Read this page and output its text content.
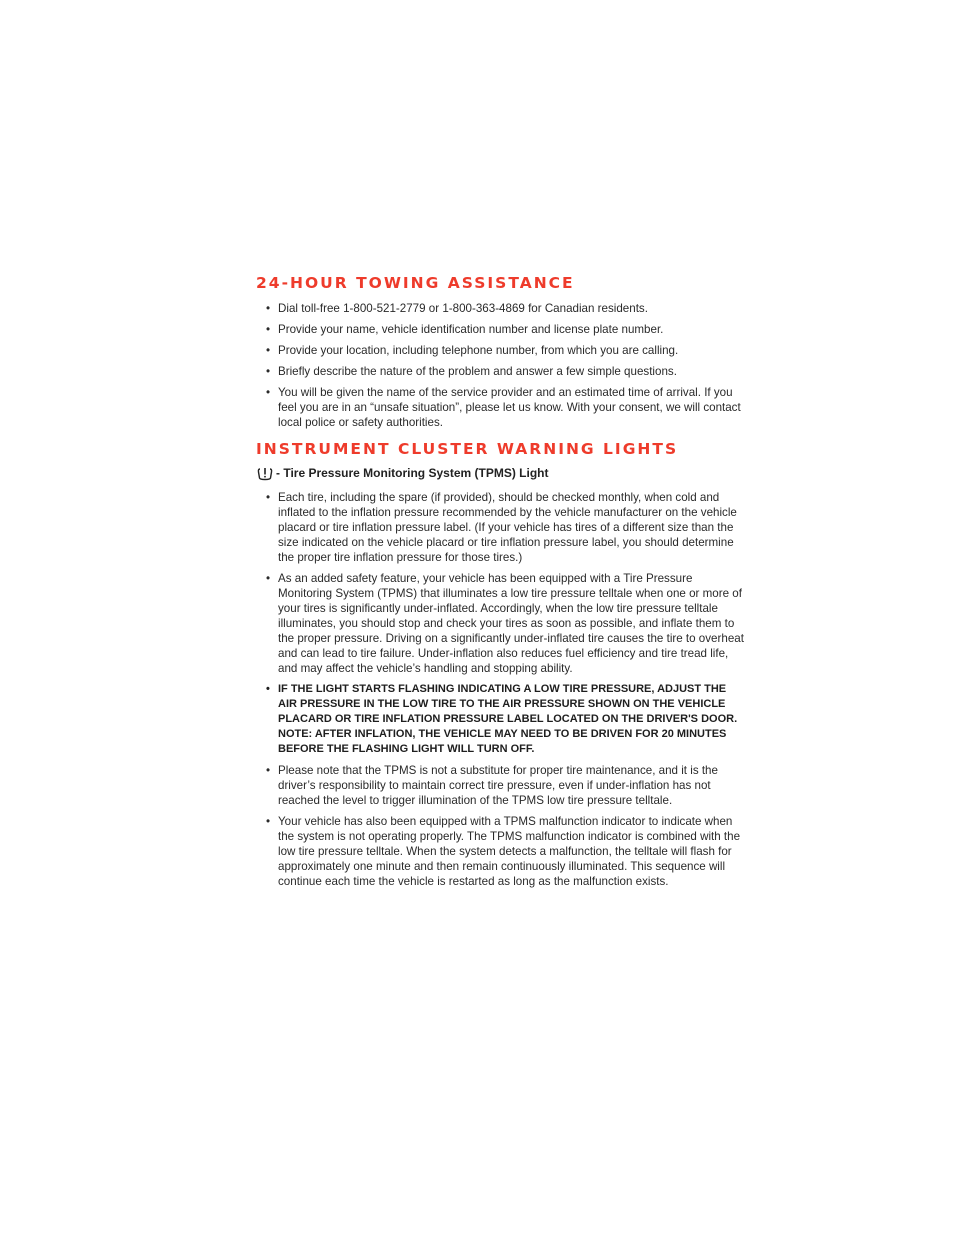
24-HOUR TOWING ASSISTANCE
• Dial toll-free 1-800-521-2779 or 1-800-363-4869 for Canadian residents.
• Provide your name, vehicle identification number and license plate number.
• Provide your location, including telephone number, from which you are calling.
• Briefly describe the nature of the problem and answer a few simple questions.
• You will be given the name of the service provider and an estimated time of arrival. If you feel you are in an “unsafe situation”, please let us know. With your consent, we will contact local police or safety authorities.
INSTRUMENT CLUSTER WARNING LIGHTS
- Tire Pressure Monitoring System (TPMS) Light
• Each tire, including the spare (if provided), should be checked monthly, when cold and inflated to the inflation pressure recommended by the vehicle manufacturer on the vehicle placard or tire inflation pressure label. (If your vehicle has tires of a different size than the size indicated on the vehicle placard or tire inflation pressure label, you should determine the proper tire inflation pressure for those tires.)
• As an added safety feature, your vehicle has been equipped with a Tire Pressure Monitoring System (TPMS) that illuminates a low tire pressure telltale when one or more of your tires is significantly under-inflated. Accordingly, when the low tire pressure telltale illuminates, you should stop and check your tires as soon as possible, and inflate them to the proper pressure. Driving on a significantly under-inflated tire causes the tire to overheat and can lead to tire failure. Under-inflation also reduces fuel efficiency and tire tread life, and may affect the vehicle’s handling and stopping ability.
• IF THE LIGHT STARTS FLASHING INDICATING A LOW TIRE PRESSURE, ADJUST THE AIR PRESSURE IN THE LOW TIRE TO THE AIR PRESSURE SHOWN ON THE VEHICLE PLACARD OR TIRE INFLATION PRESSURE LABEL LOCATED ON THE DRIVER'S DOOR. NOTE: AFTER INFLATION, THE VEHICLE MAY NEED TO BE DRIVEN FOR 20 MINUTES BEFORE THE FLASHING LIGHT WILL TURN OFF.
• Please note that the TPMS is not a substitute for proper tire maintenance, and it is the driver’s responsibility to maintain correct tire pressure, even if under-inflation has not reached the level to trigger illumination of the TPMS low tire pressure telltale.
• Your vehicle has also been equipped with a TPMS malfunction indicator to indicate when the system is not operating properly. The TPMS malfunction indicator is combined with the low tire pressure telltale. When the system detects a malfunction, the telltale will flash for approximately one minute and then remain continuously illuminated. This sequence will continue each time the vehicle is restarted as long as the malfunction exists.
